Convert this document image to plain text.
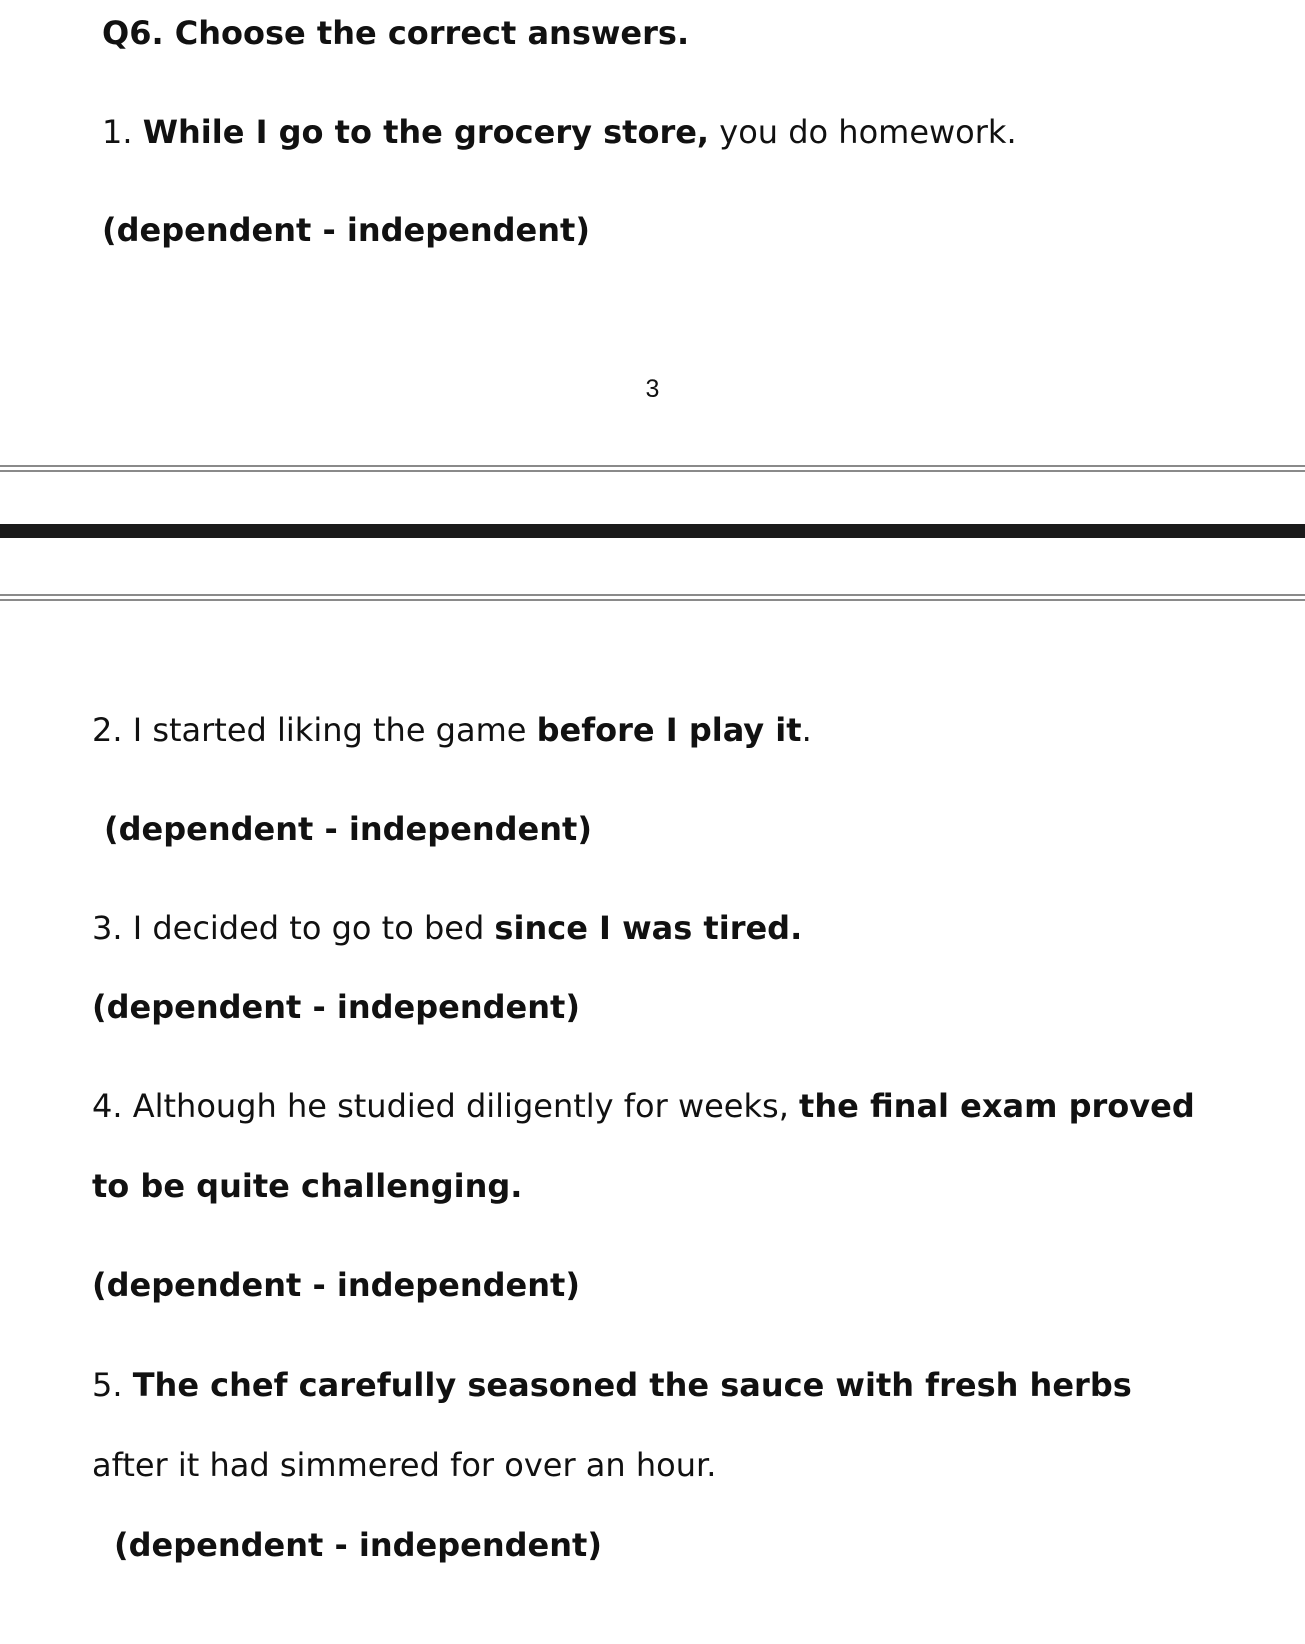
Q6. Choose the correct answers.
1. While I go to the grocery store, you do homework.
(dependent - independent)
3
2. I started liking the game before I play it.
(dependent - independent)
3. I decided to go to bed since I was tired.
(dependent - independent)
4. Although he studied diligently for weeks, the final exam proved
to be quite challenging.
(dependent - independent)
5. The chef carefully seasoned the sauce with fresh herbs
after it had simmered for over an hour.
(dependent - independent)
